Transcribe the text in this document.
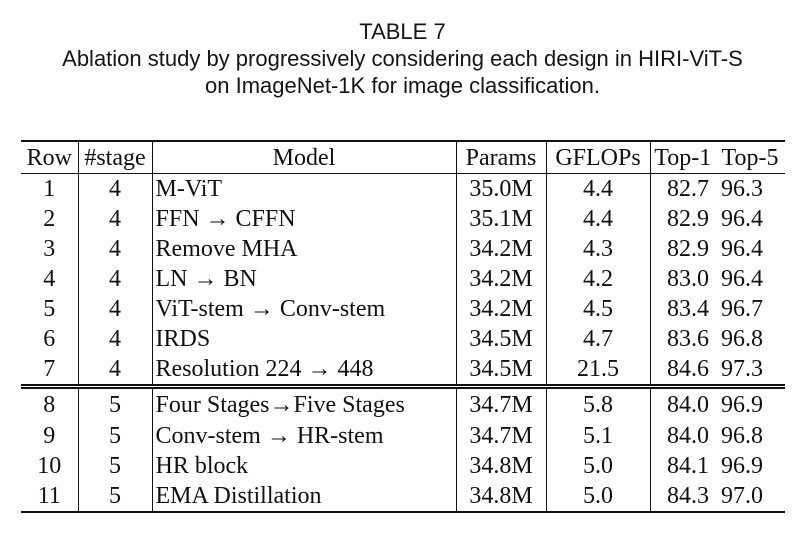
TABLE 7
Ablation study by progressively considering each design in HIRI-ViT-S
on ImageNet-1K for image classification.
Row	#stage	Model	Params	GFLOPs	Top-1	Top-5
1	4	M-ViT	35.0M	4.4	82.7	96.3
2	4	FFN → CFFN	35.1M	4.4	82.9	96.4
3	4	Remove MHA	34.2M	4.3	82.9	96.4
4	4	LN → BN	34.2M	4.2	83.0	96.4
5	4	ViT-stem → Conv-stem	34.2M	4.5	83.4	96.7
6	4	IRDS	34.5M	4.7	83.6	96.8
7	4	Resolution 224 → 448	34.5M	21.5	84.6	97.3
8	5	Four Stages→Five Stages	34.7M	5.8	84.0	96.9
9	5	Conv-stem → HR-stem	34.7M	5.1	84.0	96.8
10	5	HR block	34.8M	5.0	84.1	96.9
11	5	EMA Distillation	34.8M	5.0	84.3	97.0
